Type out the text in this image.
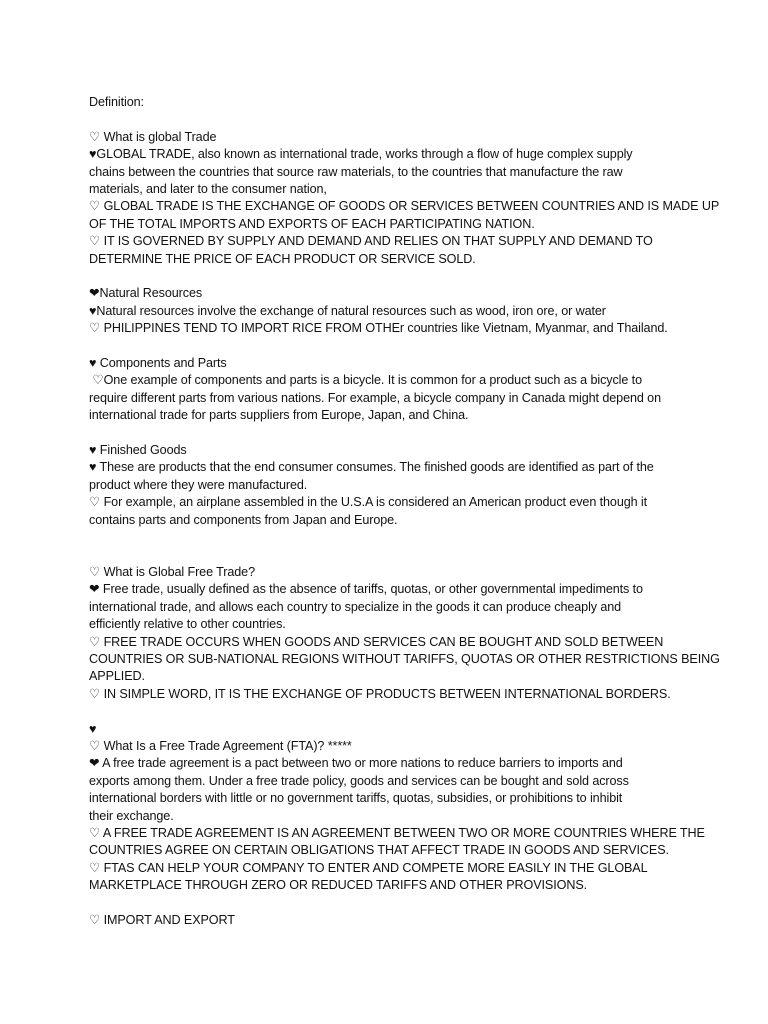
Definition:
♡ What is global Trade
♥GLOBAL TRADE, also known as international trade, works through a flow of huge complex supply
chains between the countries that source raw materials, to the countries that manufacture the raw
materials, and later to the consumer nation,
♡ GLOBAL TRADE IS THE EXCHANGE OF GOODS OR SERVICES BETWEEN COUNTRIES AND IS MADE UP
OF THE TOTAL IMPORTS AND EXPORTS OF EACH PARTICIPATING NATION.
♡ IT IS GOVERNED BY SUPPLY AND DEMAND AND RELIES ON THAT SUPPLY AND DEMAND TO
DETERMINE THE PRICE OF EACH PRODUCT OR SERVICE SOLD.
❤Natural Resources
♥Natural resources involve the exchange of natural resources such as wood, iron ore, or water
♡ PHILIPPINES TEND TO IMPORT RICE FROM OTHEr countries like Vietnam, Myanmar, and Thailand.
♥ Components and Parts
♡One example of components and parts is a bicycle. It is common for a product such as a bicycle to
require different parts from various nations. For example, a bicycle company in Canada might depend on
international trade for parts suppliers from Europe, Japan, and China.
♥ Finished Goods
♥ These are products that the end consumer consumes. The finished goods are identified as part of the
product where they were manufactured.
♡ For example, an airplane assembled in the U.S.A is considered an American product even though it
contains parts and components from Japan and Europe.
♡ What is Global Free Trade?
❤ Free trade, usually defined as the absence of tariffs, quotas, or other governmental impediments to
international trade, and allows each country to specialize in the goods it can produce cheaply and
efficiently relative to other countries.
♡ FREE TRADE OCCURS WHEN GOODS AND SERVICES CAN BE BOUGHT AND SOLD BETWEEN
COUNTRIES OR SUB-NATIONAL REGIONS WITHOUT TARIFFS, QUOTAS OR OTHER RESTRICTIONS BEING
APPLIED.
♡ IN SIMPLE WORD, IT IS THE EXCHANGE OF PRODUCTS BETWEEN INTERNATIONAL BORDERS.
♥
♡ What Is a Free Trade Agreement (FTA)? *****
❤ A free trade agreement is a pact between two or more nations to reduce barriers to imports and
exports among them. Under a free trade policy, goods and services can be bought and sold across
international borders with little or no government tariffs, quotas, subsidies, or prohibitions to inhibit
their exchange.
♡ A FREE TRADE AGREEMENT IS AN AGREEMENT BETWEEN TWO OR MORE COUNTRIES WHERE THE
COUNTRIES AGREE ON CERTAIN OBLIGATIONS THAT AFFECT TRADE IN GOODS AND SERVICES.
♡ FTAS CAN HELP YOUR COMPANY TO ENTER AND COMPETE MORE EASILY IN THE GLOBAL
MARKETPLACE THROUGH ZERO OR REDUCED TARIFFS AND OTHER PROVISIONS.
♡ IMPORT AND EXPORT
